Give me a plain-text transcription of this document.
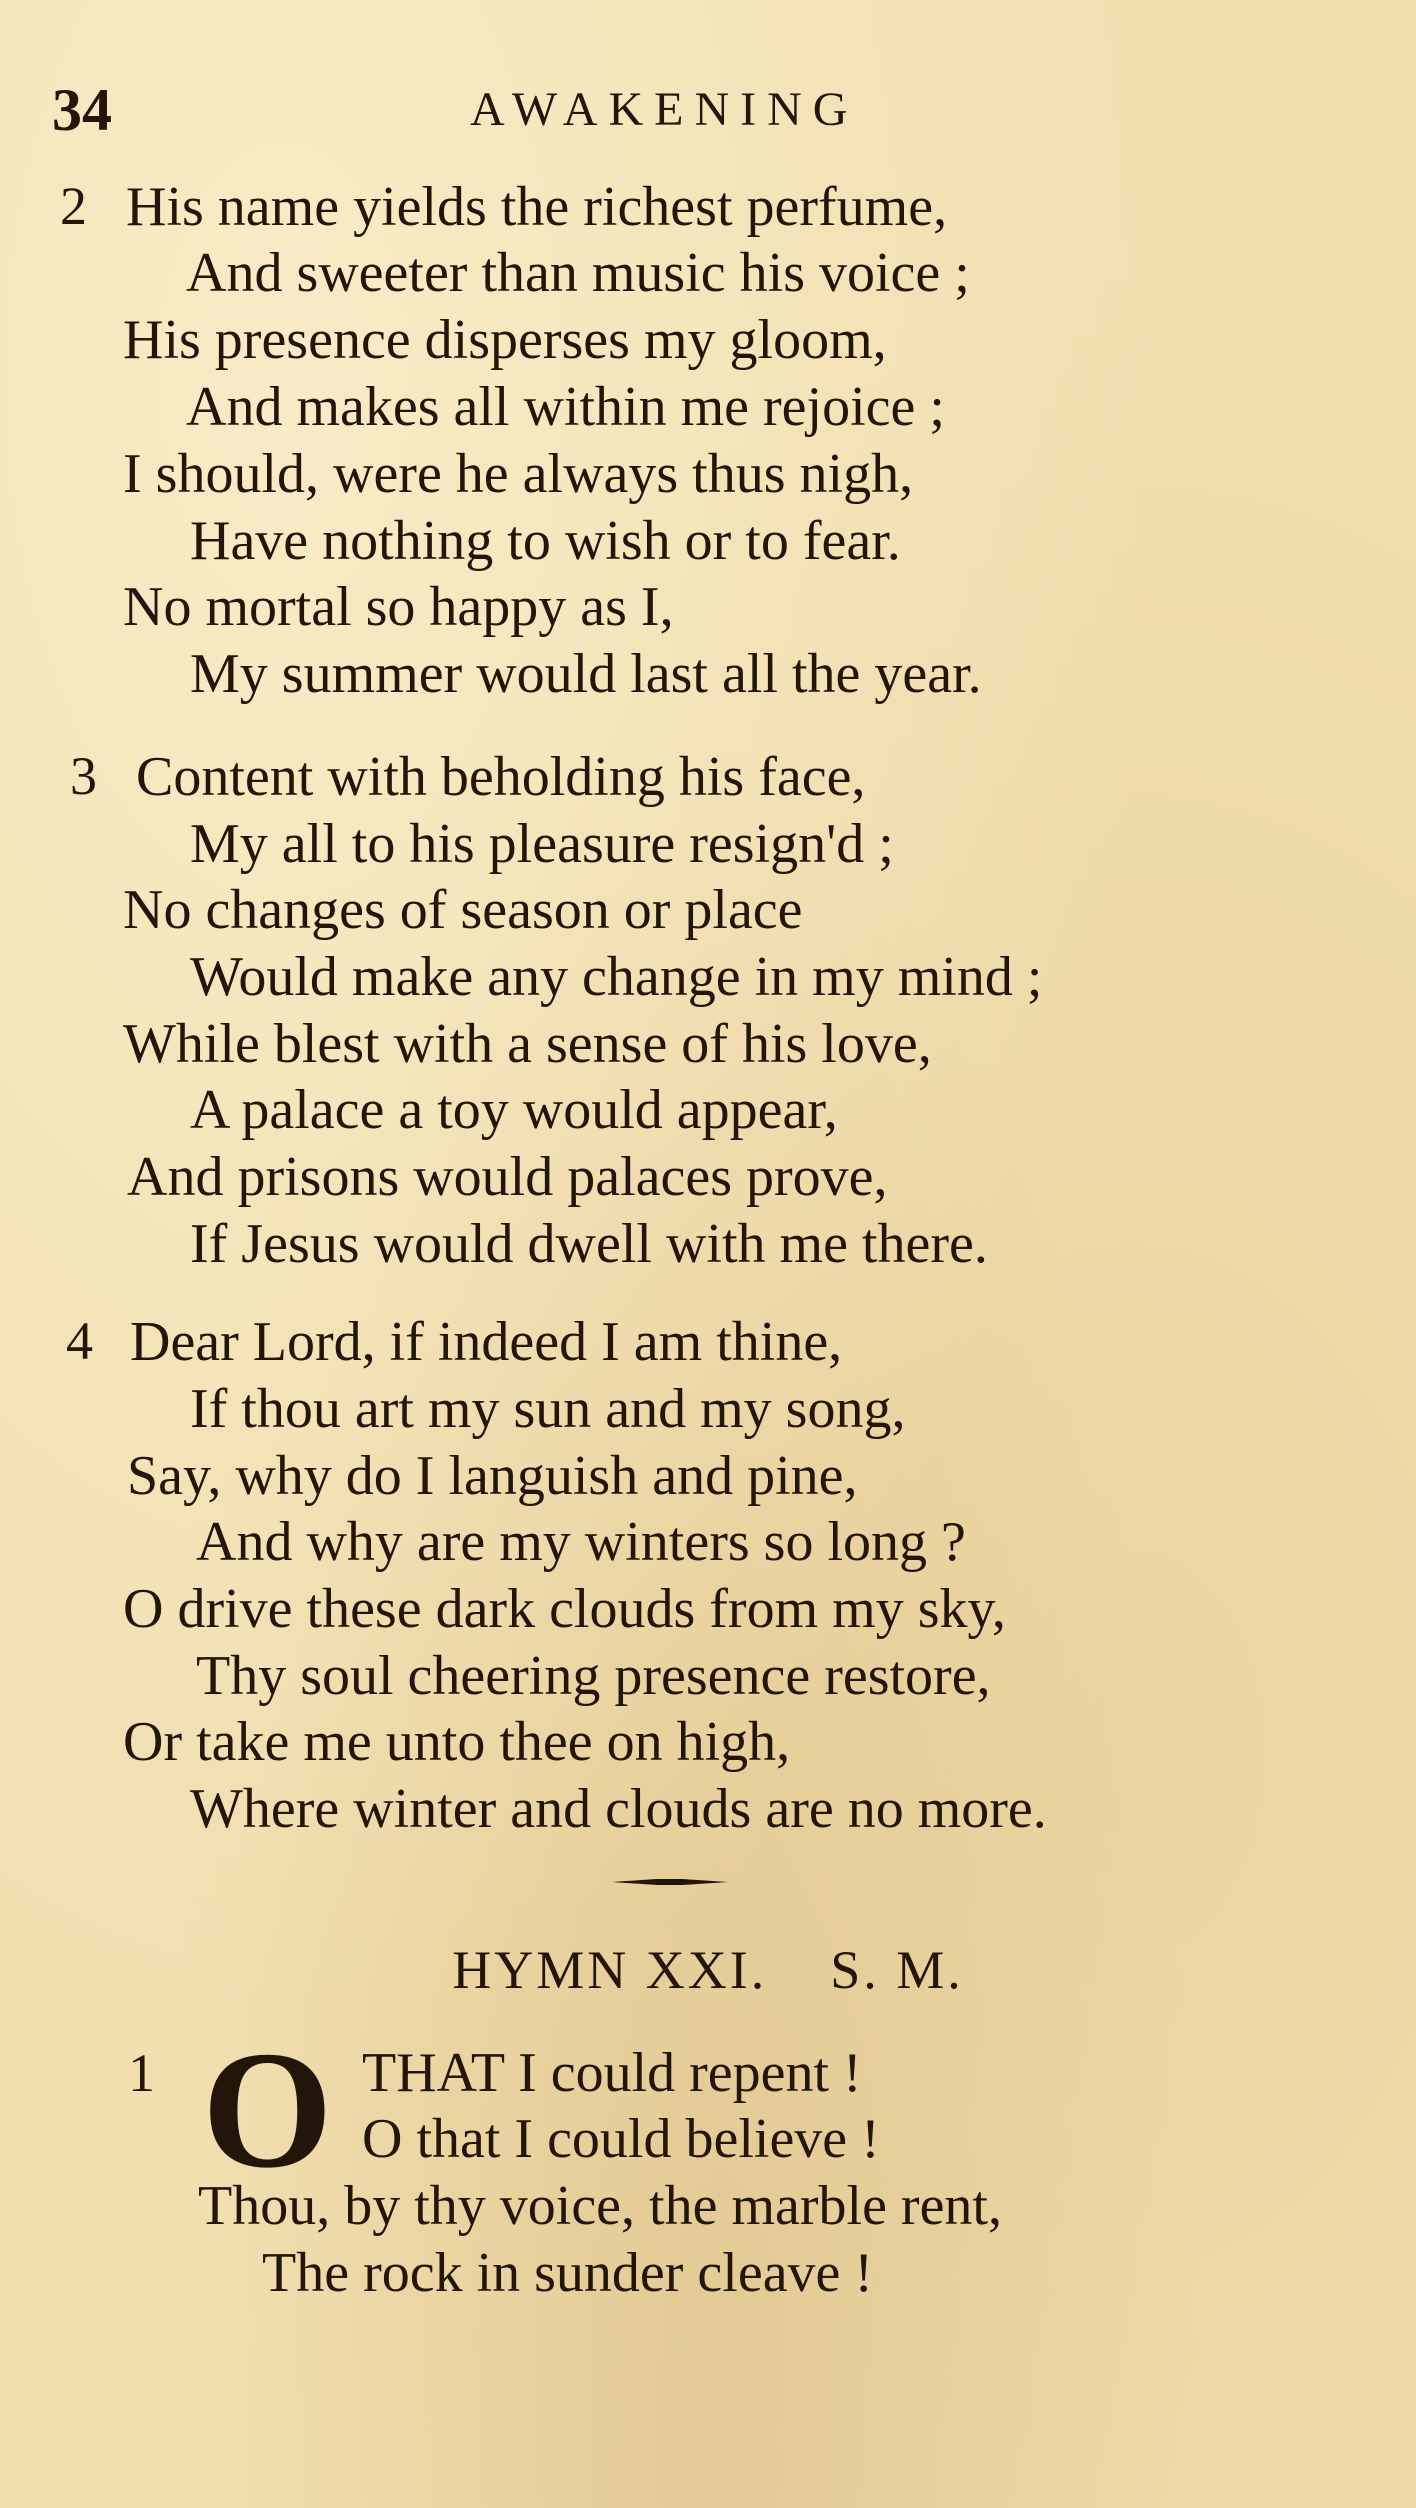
34	AWAKENING
2 His name yields the richest perfume,
And sweeter than music his voice ;
His presence disperses my gloom,
And makes all within me rejoice ;
I should, were he always thus nigh,
Have nothing to wish or to fear.
No mortal so happy as I,
My summer would last all the year.
3 Content with beholding his face,
My all to his pleasure resign'd ;
No changes of season or place
Would make any change in my mind ;
While blest with a sense of his love,
A palace a toy would appear,
And prisons would palaces prove,
If Jesus would dwell with me there.
4 Dear Lord, if indeed I am thine,
If thou art my sun and my song,
Say, why do I languish and pine,
And why are my winters so long ?
O drive these dark clouds from my sky,
Thy soul cheering presence restore,
Or take me unto thee on high,
Where winter and clouds are no more.
HYMN XXI. S. M.
1 O THAT I could repent !
O that I could believe !
Thou, by thy voice, the marble rent,
The rock in sunder cleave !
